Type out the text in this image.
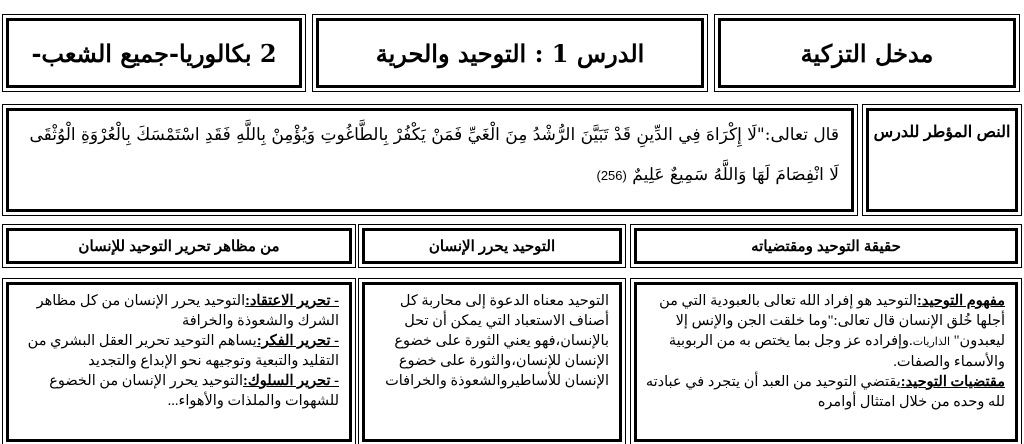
مدخل التزكية
الدرس 1 : التوحيد والحرية
2 بكالوريا-جميع الشعب-
النص المؤطر للدرس
قال تعالى:"لَا إِكْرَاهَ فِي الدِّينِ قَدْ تَبَيَّنَ الرُّشْدُ مِنَ الْغَيِّ فَمَنْ يَكْفُرْ بِالطَّاغُوتِ وَيُؤْمِنْ بِاللَّهِ فَقَدِ اسْتَمْسَكَ بِالْعُرْوَةِ الْوُثْقَى لَا انْفِصَامَ لَهَا وَاللَّهُ سَمِيعٌ عَلِيمٌ (256)
حقيقة التوحيد ومقتضياته
التوحيد يحرر الإنسان
من مظاهر تحرير التوحيد للإنسان
مفهوم التوحيد:التوحيد هو إفراد الله تعالى بالعبودية التي من أجلها خُلق الإنسان قال تعالى:"وما خلقت الجن والإنس إلا ليعبدون" الذاريات.وإفراده عز وجل بما يختص به من الربوبية والأسماء والصفات.
مقتضيات التوحيد:يقتضي التوحيد من العبد أن يتجرد في عبادته لله وحده من خلال امتثال أوامره
التوحيد معناه الدعوة إلى محاربة كل أصناف الاستعباد التي يمكن أن تحل بالإنسان،فهو يعني الثورة على خضوع الإنسان للإنسان،والثورة على خضوع الإنسان للأساطيروالشعوذة والخرافات
- تحرير الاعتقاد:التوحيد يحرر الإنسان من كل مظاهر الشرك والشعوذة والخرافة
- تحرير الفكر:يساهم التوحيد تحرير العقل البشري من التقليد والتبعية وتوجيهه نحو الإبداع والتجديد
- تحرير السلوك:التوحيد يحرر الإنسان من الخضوع للشهوات والملذات والأهواء...
